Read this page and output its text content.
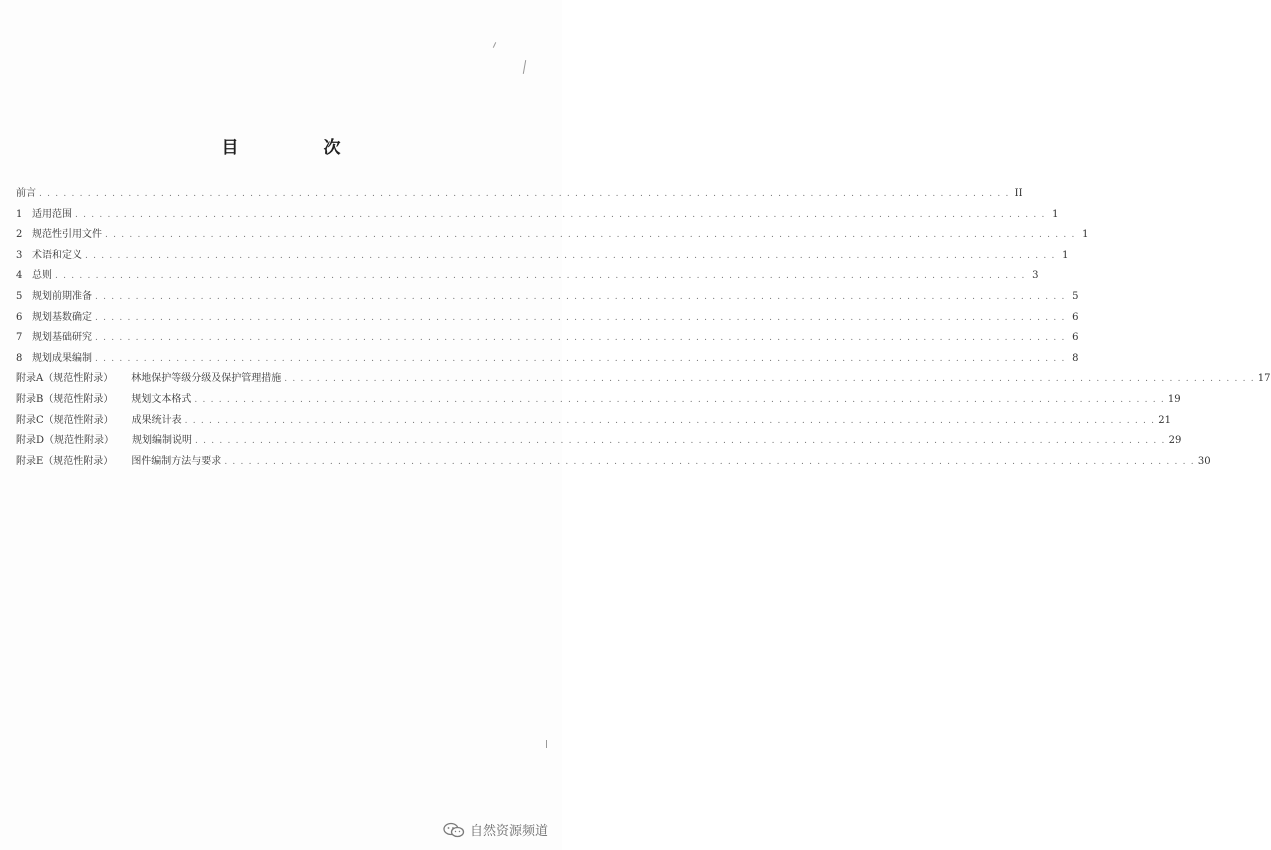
目　次
前言 . . . . . . . . . . . . . . . . . . . . . . . . . . . . . . . . . . . . . . . . . . . . . . . . . . . . . . . . . . . . . . . . . . . . . . . . . . . . . . . . . . . . . . . . . . . . . . . . . . . . . . . . . . . . . . . . . . . . . . . . II
1 适用范围 . . . . . . . . . . . . . . . . . . . . . . . . . . . . . . . . . . . . . . . . . . . . . . . . . . . . . . . . . . . . . . . . . . . . . . . . . . . . . . . . . . . . . . . . . . . . . . . . . . . . . . . . . . . . . . . . . . . . . . . . 1
2 规范性引用文件 . . . . . . . . . . . . . . . . . . . . . . . . . . . . . . . . . . . . . . . . . . . . . . . . . . . . . . . . . . . . . . . . . . . . . . . . . . . . . . . . . . . . . . . . . . . . . . . . . . . . . . . . . . . . . . . . . . . . . . . . 1
3 术语和定义 . . . . . . . . . . . . . . . . . . . . . . . . . . . . . . . . . . . . . . . . . . . . . . . . . . . . . . . . . . . . . . . . . . . . . . . . . . . . . . . . . . . . . . . . . . . . . . . . . . . . . . . . . . . . . . . . . . . . . . . . 1
4 总则 . . . . . . . . . . . . . . . . . . . . . . . . . . . . . . . . . . . . . . . . . . . . . . . . . . . . . . . . . . . . . . . . . . . . . . . . . . . . . . . . . . . . . . . . . . . . . . . . . . . . . . . . . . . . . . . . . . . . . . . . 3
5 规划前期准备 . . . . . . . . . . . . . . . . . . . . . . . . . . . . . . . . . . . . . . . . . . . . . . . . . . . . . . . . . . . . . . . . . . . . . . . . . . . . . . . . . . . . . . . . . . . . . . . . . . . . . . . . . . . . . . . . . . . . . . . . 5
6 规划基数确定 . . . . . . . . . . . . . . . . . . . . . . . . . . . . . . . . . . . . . . . . . . . . . . . . . . . . . . . . . . . . . . . . . . . . . . . . . . . . . . . . . . . . . . . . . . . . . . . . . . . . . . . . . . . . . . . . . . . . . . . . 6
7 规划基础研究 . . . . . . . . . . . . . . . . . . . . . . . . . . . . . . . . . . . . . . . . . . . . . . . . . . . . . . . . . . . . . . . . . . . . . . . . . . . . . . . . . . . . . . . . . . . . . . . . . . . . . . . . . . . . . . . . . . . . . . . . 6
8 规划成果编制 . . . . . . . . . . . . . . . . . . . . . . . . . . . . . . . . . . . . . . . . . . . . . . . . . . . . . . . . . . . . . . . . . . . . . . . . . . . . . . . . . . . . . . . . . . . . . . . . . . . . . . . . . . . . . . . . . . . . . . . . 8
附录A（规范性附录） 林地保护等级分级及保护管理措施 . . . . . . . . . . . . . . . . . . . . . . . . . . . . . . . . . . . . . . . . . . . . . . . . . . . . . . . . . . . . . . . . . . . . . . . . . . . . . . . . . . . . . . . . . . . . . . . . . . . . . . . . . . . . . . . . . . . . . . . . 17
附录B（规范性附录） 规划文本格式 . . . . . . . . . . . . . . . . . . . . . . . . . . . . . . . . . . . . . . . . . . . . . . . . . . . . . . . . . . . . . . . . . . . . . . . . . . . . . . . . . . . . . . . . . . . . . . . . . . . . . . . . . . . . . . . . . . . . . . . . 19
附录C（规范性附录） 成果统计表 . . . . . . . . . . . . . . . . . . . . . . . . . . . . . . . . . . . . . . . . . . . . . . . . . . . . . . . . . . . . . . . . . . . . . . . . . . . . . . . . . . . . . . . . . . . . . . . . . . . . . . . . . . . . . . . . . . . . . . . . 21
附录D（规范性附录） 规划编制说明 . . . . . . . . . . . . . . . . . . . . . . . . . . . . . . . . . . . . . . . . . . . . . . . . . . . . . . . . . . . . . . . . . . . . . . . . . . . . . . . . . . . . . . . . . . . . . . . . . . . . . . . . . . . . . . . . . . . . . . . . 29
附录E（规范性附录） 图件编制方法与要求 . . . . . . . . . . . . . . . . . . . . . . . . . . . . . . . . . . . . . . . . . . . . . . . . . . . . . . . . . . . . . . . . . . . . . . . . . . . . . . . . . . . . . . . . . . . . . . . . . . . . . . . . . . . . . . . . . . . . . . . . 30
自然资源频道
